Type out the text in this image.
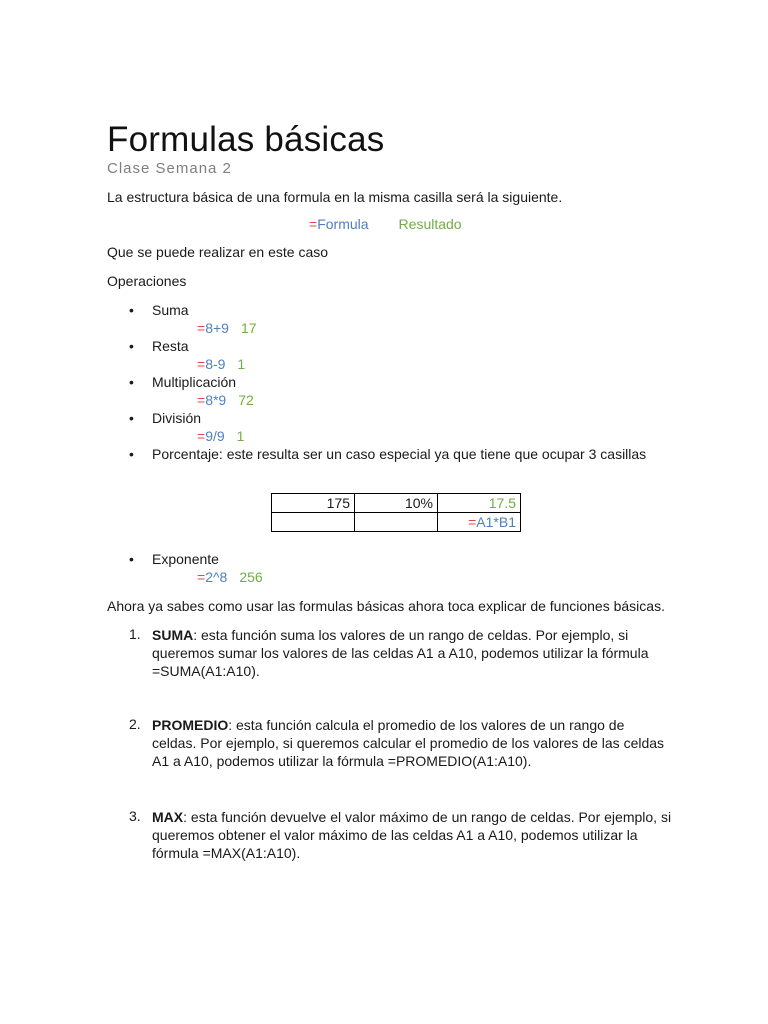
Formulas básicas
Clase Semana 2
La estructura básica de una formula en la misma casilla será la siguiente.
=Formula Resultado
Que se puede realizar en este caso
Operaciones
• Suma
=8+9 17
• Resta
=8-9 1
• Multiplicación
=8*9 72
• División
=9/9 1
• Porcentaje: este resulta ser un caso especial ya que tiene que ocupar 3 casillas
175	10%	17.5
		=A1*B1
• Exponente
=2^8 256
Ahora ya sabes como usar las formulas básicas ahora toca explicar de funciones básicas.
1. SUMA: esta función suma los valores de un rango de celdas. Por ejemplo, si queremos sumar los valores de las celdas A1 a A10, podemos utilizar la fórmula =SUMA(A1:A10).
2. PROMEDIO: esta función calcula el promedio de los valores de un rango de celdas. Por ejemplo, si queremos calcular el promedio de los valores de las celdas A1 a A10, podemos utilizar la fórmula =PROMEDIO(A1:A10).
3. MAX: esta función devuelve el valor máximo de un rango de celdas. Por ejemplo, si queremos obtener el valor máximo de las celdas A1 a A10, podemos utilizar la fórmula =MAX(A1:A10).
